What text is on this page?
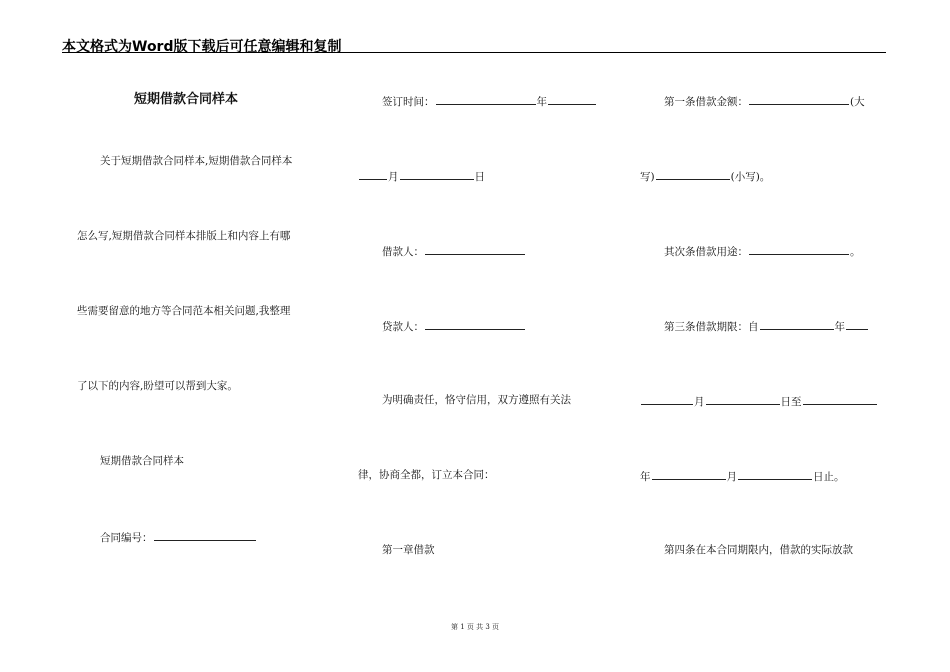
本文格式为Word版下载后可任意编辑和复制
短期借款合同样本
关于短期借款合同样本,短期借款合同样本
怎么写,短期借款合同样本排版上和内容上有哪
些需要留意的地方等合同范本相关问题,我整理
了以下的内容,盼望可以帮到大家。
短期借款合同样本
合同编号：
签订时间：	年
月	日
借款人：
贷款人：
为明确责任，恪守信用，双方遵照有关法
律，协商全都，订立本合同：
第一章借款
第一条借款金额：	(大
写)	(小写)。
其次条借款用途：	。
第三条借款期限：自	年
月	日至
年	月	日止。
第四条在本合同期限内，借款的实际放款
第 1 页 共 3 页
